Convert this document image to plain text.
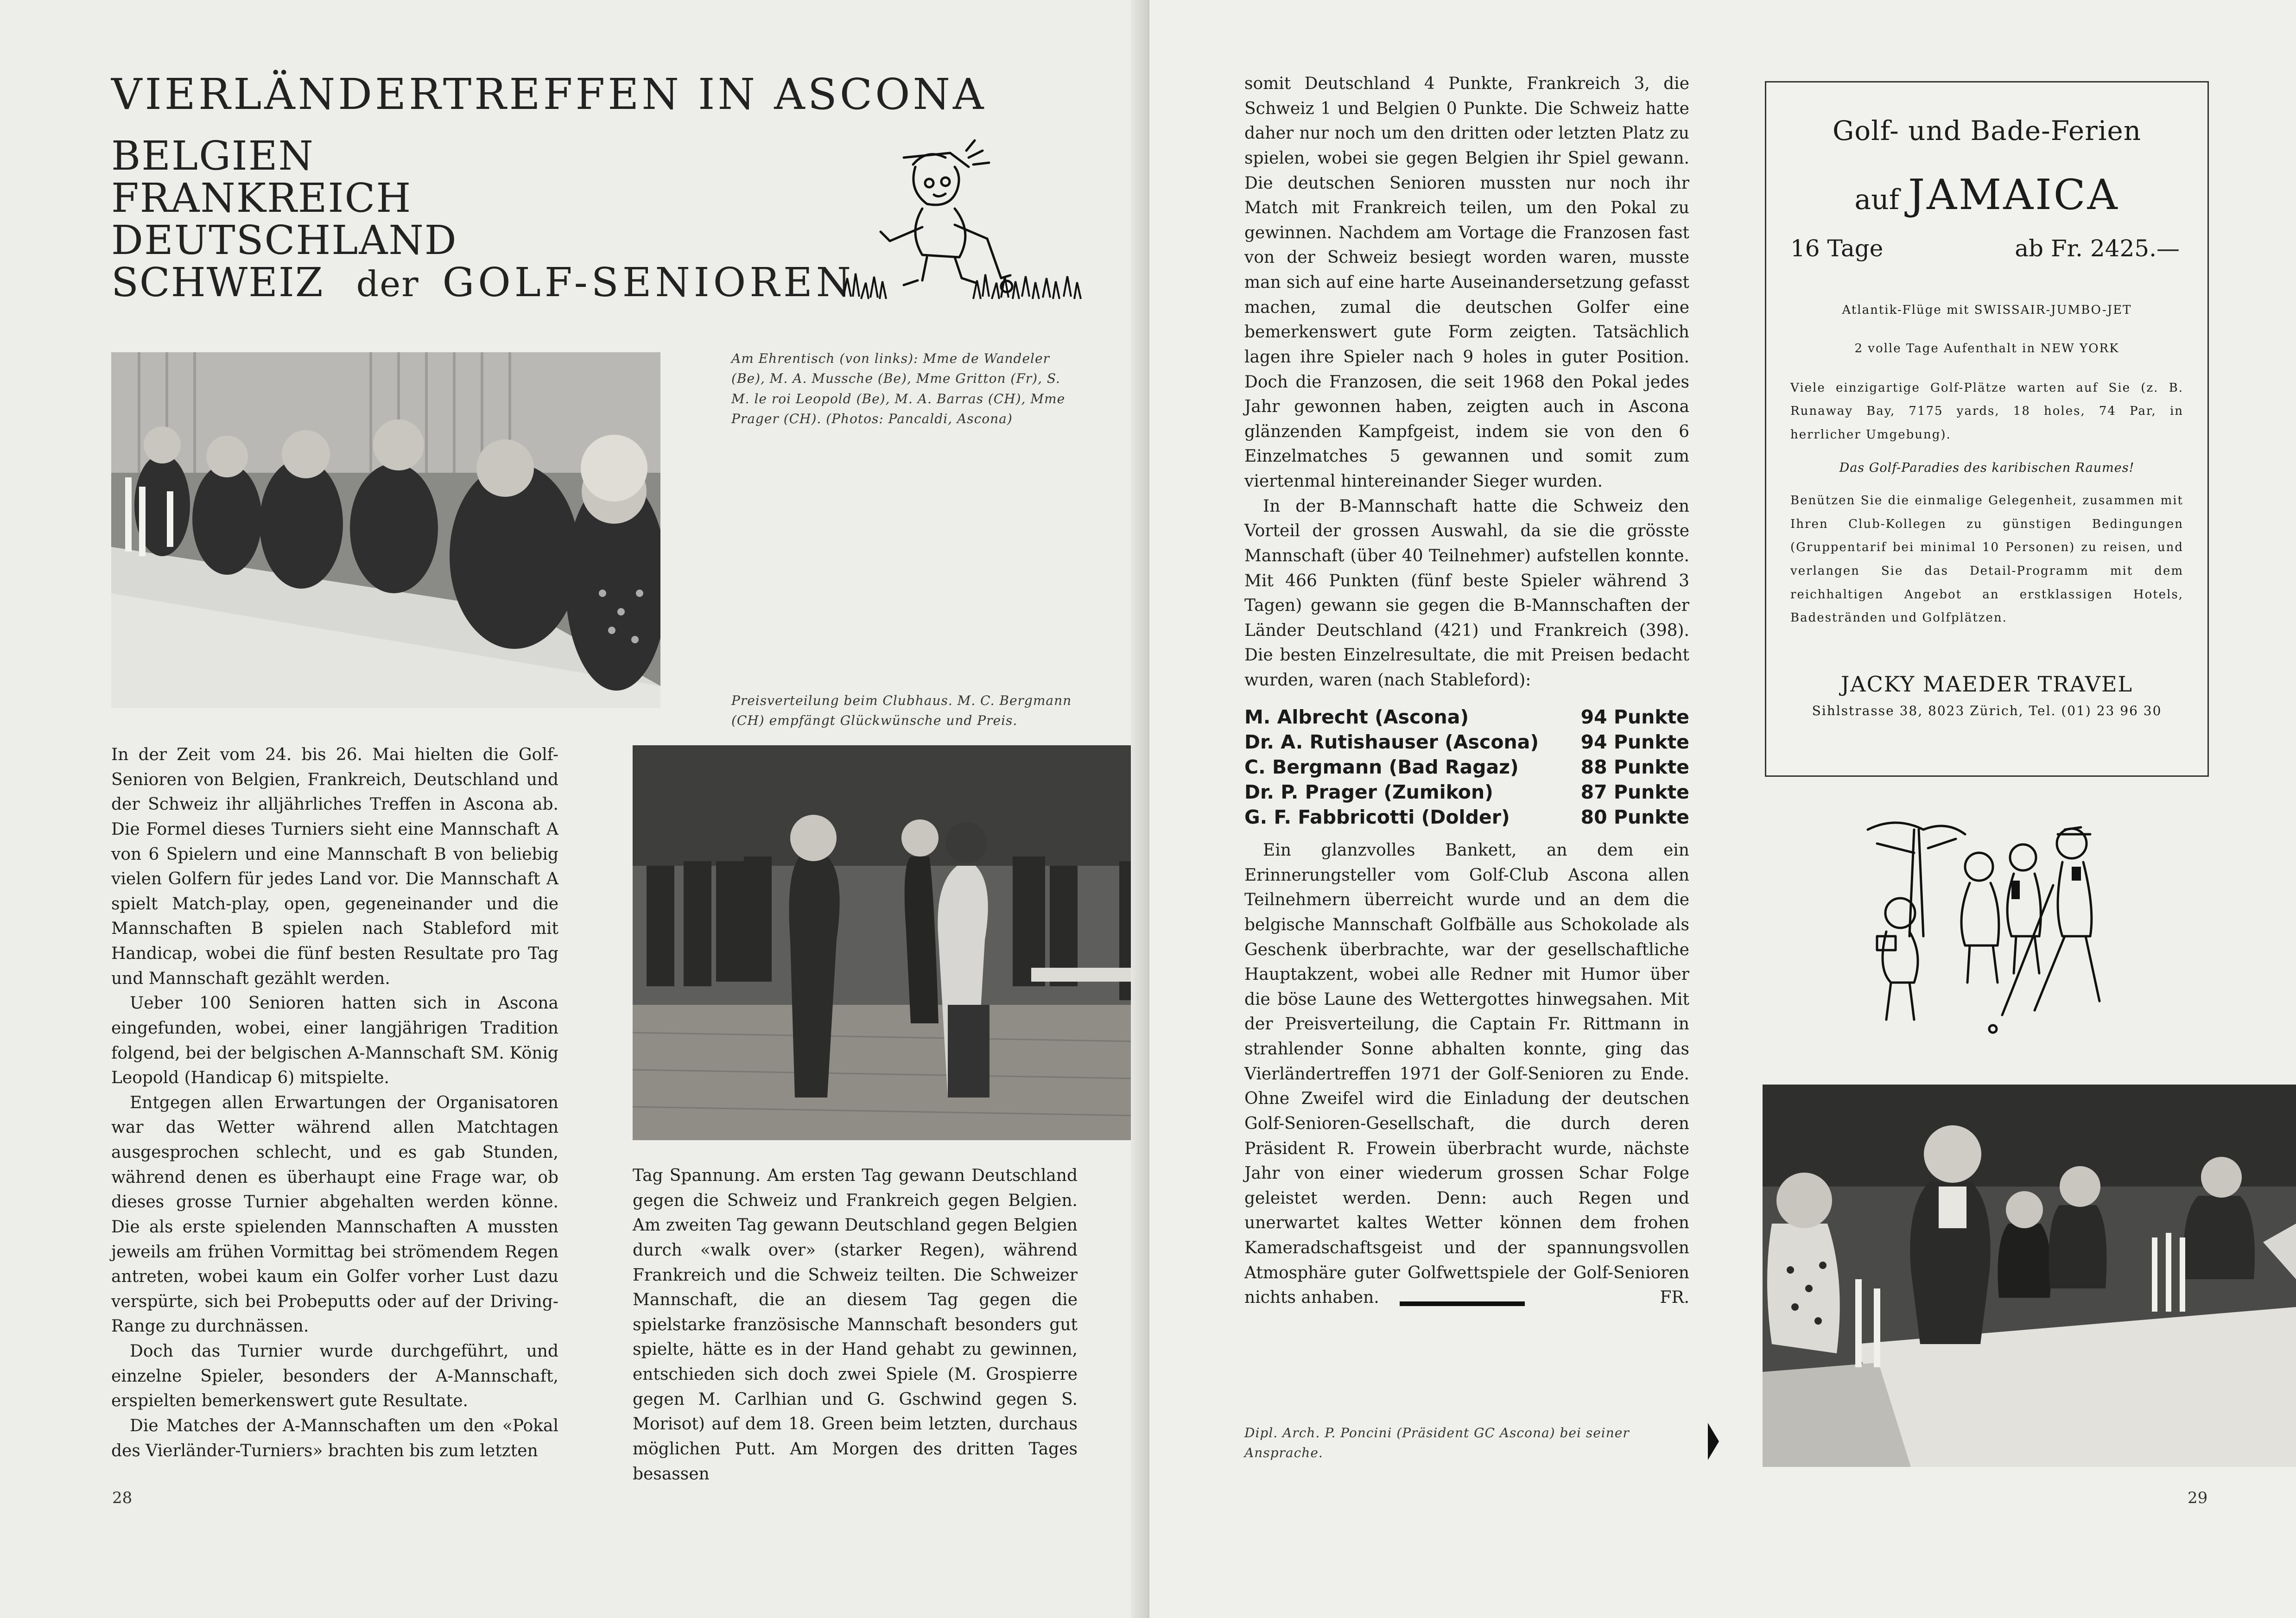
VIERLÄNDERTREFFEN IN ASCONA
BELGIEN
FRANKREICH
DEUTSCHLAND
SCHWEIZ der GOLF-SENIOREN
Am Ehrentisch (von links): Mme de Wandeler (Be), M. A. Mussche (Be), Mme Gritton (Fr), S. M. le roi Leopold (Be), M. A. Barras (CH), Mme Prager (CH). (Photos: Pancaldi, Ascona)
Preisverteilung beim Clubhaus. M. C. Bergmann (CH) empfängt Glückwünsche und Preis.

In der Zeit vom 24. bis 26. Mai hielten die Golf-Senioren von Belgien, Frankreich, Deutschland und der Schweiz ihr alljährliches Treffen in Ascona ab. Die Formel dieses Turniers sieht eine Mannschaft A von 6 Spielern und eine Mannschaft B von beliebig vielen Golfern für jedes Land vor. Die Mannschaft A spielt Match-play, open, gegeneinander und die Mannschaften B spielen nach Stableford mit Handicap, wobei die fünf besten Resultate pro Tag und Mannschaft gezählt werden.

Ueber 100 Senioren hatten sich in Ascona eingefunden, wobei, einer langjährigen Tradition folgend, bei der belgischen A-Mannschaft SM. König Leopold (Handicap 6) mitspielte.

Entgegen allen Erwartungen der Organisatoren war das Wetter während allen Matchtagen ausgesprochen schlecht, und es gab Stunden, während denen es überhaupt eine Frage war, ob dieses grosse Turnier abgehalten werden könne. Die als erste spielenden Mannschaften A mussten jeweils am frühen Vormittag bei strömendem Regen antreten, wobei kaum ein Golfer vorher Lust dazu verspürte, sich bei Probeputts oder auf der Driving-Range zu durchnässen.

Doch das Turnier wurde durchgeführt, und einzelne Spieler, besonders der A-Mannschaft, erspielten bemerkenswert gute Resultate.

Die Matches der A-Mannschaften um den «Pokal des Vierländer-Turniers» brachten bis zum letzten

Tag Spannung. Am ersten Tag gewann Deutschland gegen die Schweiz und Frankreich gegen Belgien. Am zweiten Tag gewann Deutschland gegen Belgien durch «walk over» (starker Regen), während Frankreich und die Schweiz teilten. Die Schweizer Mannschaft, die an diesem Tag gegen die spielstarke französische Mannschaft besonders gut spielte, hätte es in der Hand gehabt zu gewinnen, entschieden sich doch zwei Spiele (M. Grospierre gegen M. Carlhian und G. Gschwind gegen S. Morisot) auf dem 18. Green beim letzten, durchaus möglichen Putt. Am Morgen des dritten Tages besassen

28

somit Deutschland 4 Punkte, Frankreich 3, die Schweiz 1 und Belgien 0 Punkte. Die Schweiz hatte daher nur noch um den dritten oder letzten Platz zu spielen, wobei sie gegen Belgien ihr Spiel gewann. Die deutschen Senioren mussten nur noch ihr Match mit Frankreich teilen, um den Pokal zu gewinnen. Nachdem am Vortage die Franzosen fast von der Schweiz besiegt worden waren, musste man sich auf eine harte Auseinandersetzung gefasst machen, zumal die deutschen Golfer eine bemerkenswert gute Form zeigten. Tatsächlich lagen ihre Spieler nach 9 holes in guter Position. Doch die Franzosen, die seit 1968 den Pokal jedes Jahr gewonnen haben, zeigten auch in Ascona glänzenden Kampfgeist, indem sie von den 6 Einzelmatches 5 gewannen und somit zum viertenmal hintereinander Sieger wurden.

In der B-Mannschaft hatte die Schweiz den Vorteil der grossen Auswahl, da sie die grösste Mannschaft (über 40 Teilnehmer) aufstellen konnte. Mit 466 Punkten (fünf beste Spieler während 3 Tagen) gewann sie gegen die B-Mannschaften der Länder Deutschland (421) und Frankreich (398). Die besten Einzelresultate, die mit Preisen bedacht wurden, waren (nach Stableford):

M. Albrecht (Ascona)	94 Punkte
Dr. A. Rutishauser (Ascona) 94 Punkte
C. Bergmann (Bad Ragaz)	88 Punkte
Dr. P. Prager (Zumikon)	87 Punkte
G. F. Fabbricotti (Dolder)	80 Punkte

Ein glanzvolles Bankett, an dem ein Erinnerungsteller vom Golf-Club Ascona allen Teilnehmern überreicht wurde und an dem die belgische Mannschaft Golfbälle aus Schokolade als Geschenk überbrachte, war der gesellschaftliche Hauptakzent, wobei alle Redner mit Humor über die böse Laune des Wettergottes hinwegsahen. Mit der Preisverteilung, die Captain Fr. Rittmann in strahlender Sonne abhalten konnte, ging das Vierländertreffen 1971 der Golf-Senioren zu Ende. Ohne Zweifel wird die Einladung der deutschen Golf-Senioren-Gesellschaft, die durch deren Präsident R. Frowein überbracht wurde, nächste Jahr von einer wiederum grossen Schar Folge geleistet werden. Denn: auch Regen und unerwartet kaltes Wetter können dem frohen Kameradschaftsgeist und der spannungsvollen Atmosphäre guter Golfwettspiele der Golf-Senioren nichts anhaben.	FR.
Dipl. Arch. P. Poncini (Präsident GC Ascona) bei seiner Ansprache.
Golf- und Bade-Ferien
auf JAMAICA
16 Tage	ab Fr. 2425.—
Atlantik-Flüge mit SWISSAIR-JUMBO-JET
2 volle Tage Aufenthalt in NEW YORK
Viele einzigartige Golf-Plätze warten auf Sie (z. B. Runaway Bay, 7175 yards, 18 holes, 74 Par, in herrlicher Umgebung).
Das Golf-Paradies des karibischen Raumes!
Benützen Sie die einmalige Gelegenheit, zusammen mit Ihren Club-Kollegen zu günstigen Bedingungen (Gruppentarif bei minimal 10 Personen) zu reisen, und verlangen Sie das Detail-Programm mit dem reichhaltigen Angebot an erstklassigen Hotels, Badestränden und Golfplätzen.
JACKY MAEDER TRAVEL
Sihlstrasse 38, 8023 Zürich, Tel. (01) 23 96 30
29
